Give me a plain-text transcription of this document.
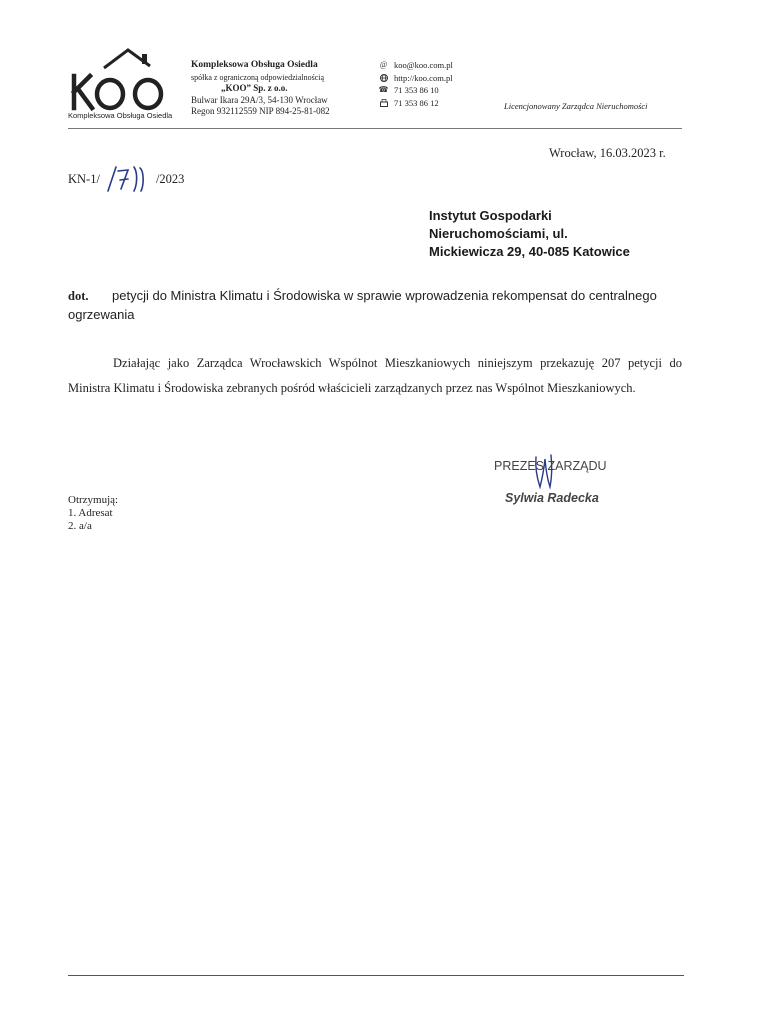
Kompleksowa Obsługa Osiedla
Kompleksowa Obsługa Osiedla
spółka z ograniczoną odpowiedzialnością
„KOO” Sp. z o.o.
Bulwar Ikara 29A/3, 54-130 Wrocław
Regon 932112559 NIP 894-25-81-082
@ koo@koo.com.pl
http://koo.com.pl
☎ 71 353 86 10
71 353 86 12	Licencjonowany Zarządca Nieruchomości
Wrocław, 16.03.2023 r.
KN-1/	/2023
Instytut Gospodarki
Nieruchomościami, ul.
Mickiewicza 29, 40-085 Katowice
dot.	petycji do Ministra Klimatu i Środowiska w sprawie wprowadzenia rekompensat do centralnego ogrzewania
Działając jako Zarządca Wrocławskich Wspólnot Mieszkaniowych niniejszym przekazuję 207 petycji do Ministra Klimatu i Środowiska zebranych pośród właścicieli zarządzanych przez nas Wspólnot Mieszkaniowych.
PREZES ZARZĄDU
Sylwia Radecka
Otrzymują:
1. Adresat
2. a/a
